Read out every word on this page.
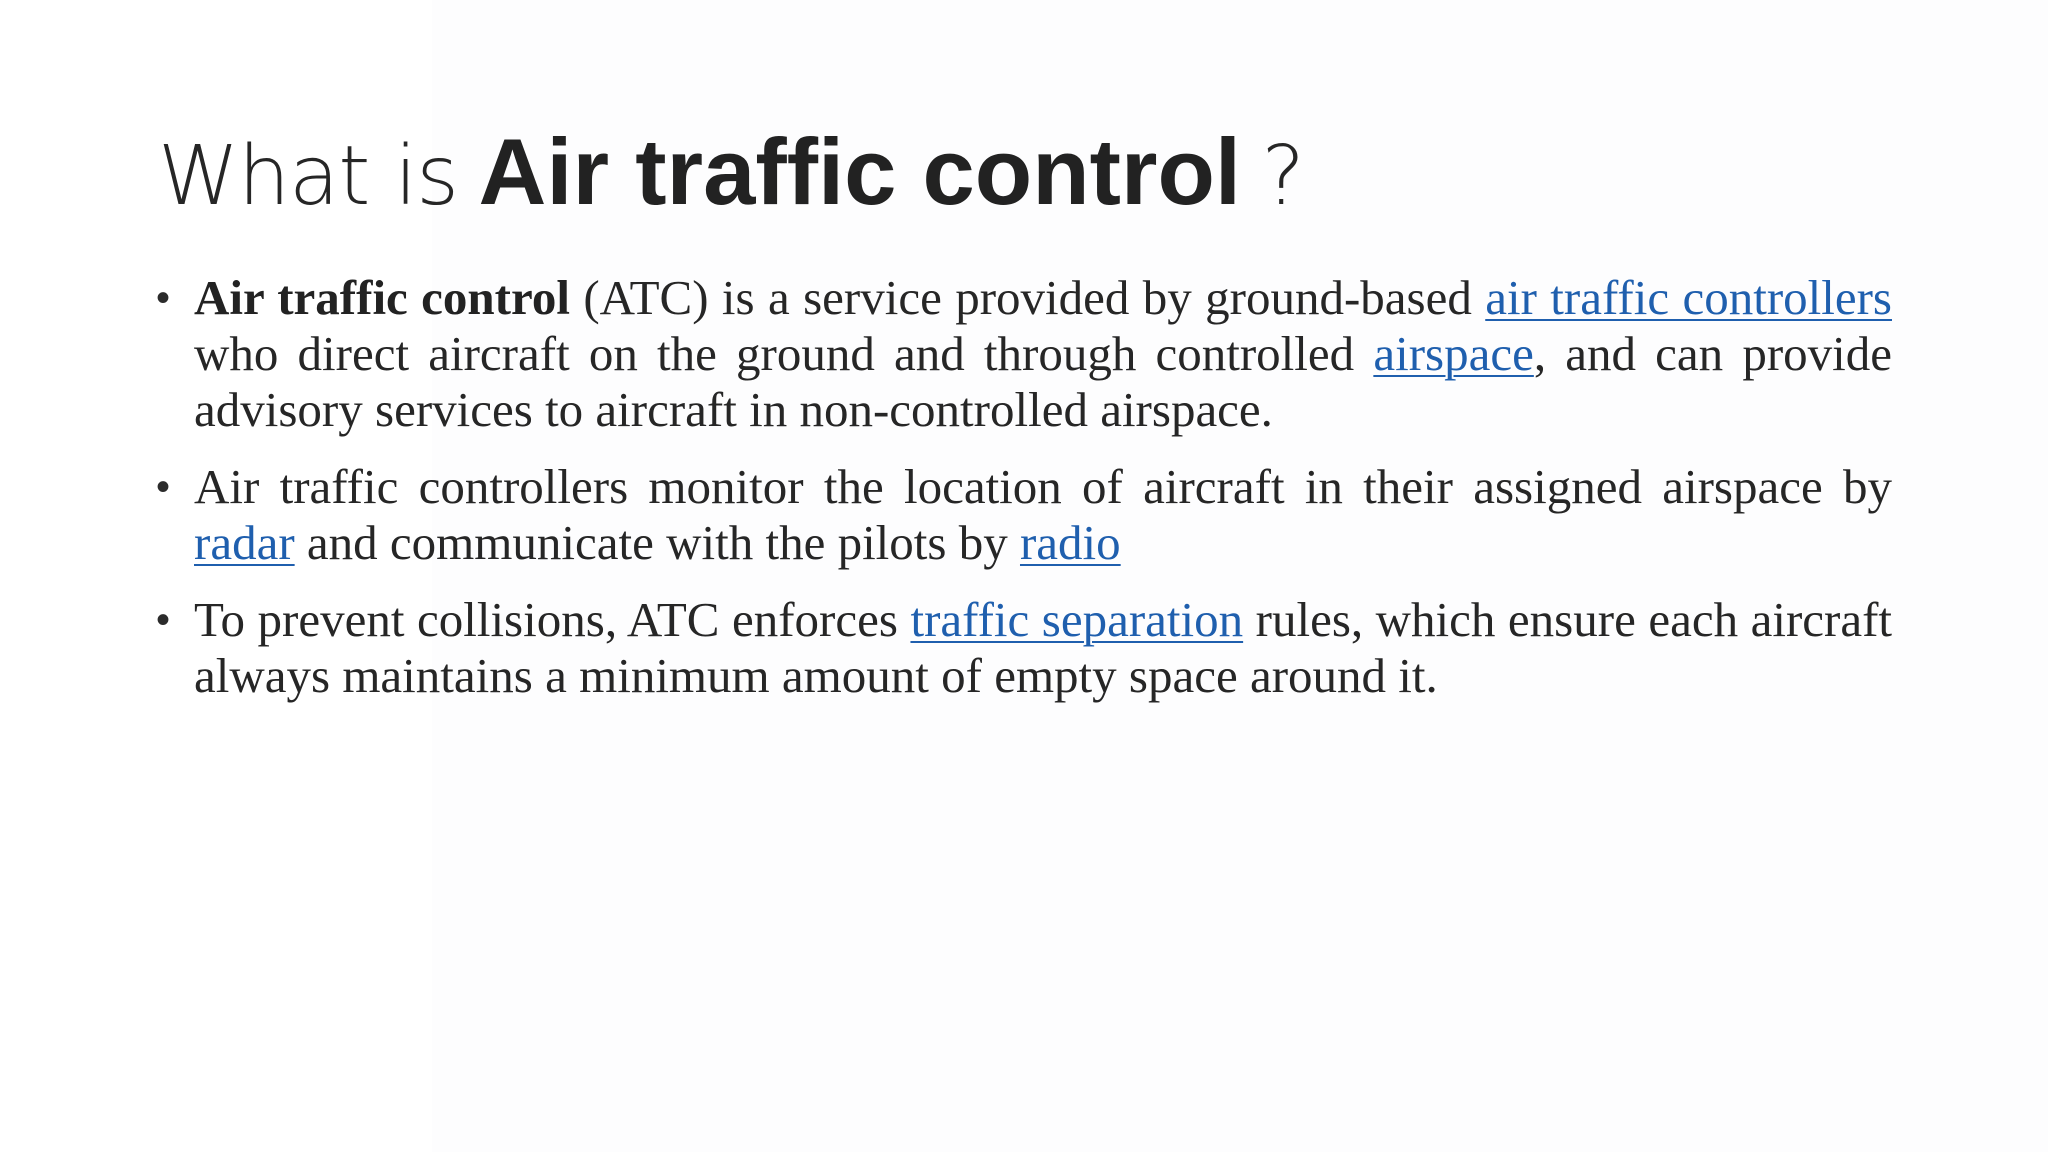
What is Air traffic control ?
• Air traffic control (ATC) is a service provided by ground-based air traffic controllers who direct aircraft on the ground and through controlled airspace, and can provide advisory services to aircraft in non-controlled airspace.
• Air traffic controllers monitor the location of aircraft in their assigned airspace by radar and communicate with the pilots by radio
• To prevent collisions, ATC enforces traffic separation rules, which ensure each aircraft always maintains a minimum amount of empty space around it.
